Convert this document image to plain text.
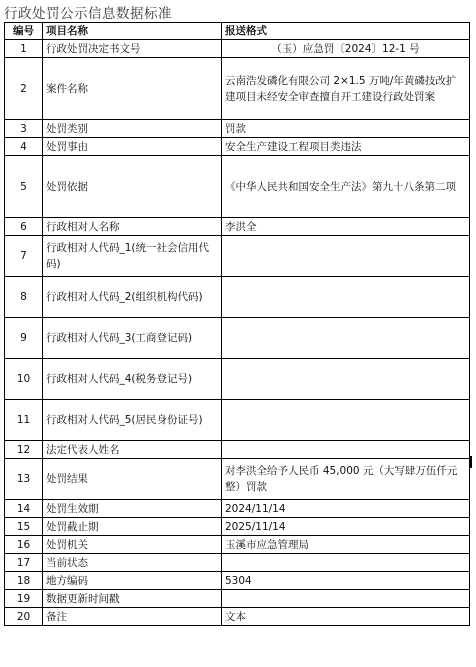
行政处罚公示信息数据标准
编号	项目名称	报送格式
1	行政处罚决定书文号	（玉）应急罚〔2024〕12-1 号
2	案件名称	云南浩发磷化有限公司 2×1.5 万吨/年黄磷技改扩建项目未经安全审查擅自开工建设行政处罚案
3	处罚类别	罚款
4	处罚事由	安全生产建设工程项目类违法
5	处罚依据	《中华人民共和国安全生产法》第九十八条第二项
6	行政相对人名称	李洪全
7	行政相对人代码_1(统一社会信用代码)	
8	行政相对人代码_2(组织机构代码)	
9	行政相对人代码_3(工商登记码)	
10	行政相对人代码_4(税务登记号)	
11	行政相对人代码_5(居民身份证号)	
12	法定代表人姓名	
13	处罚结果	对李洪全给予人民币 45,000 元（大写肆万伍仟元整）罚款
14	处罚生效期	2024/11/14
15	处罚截止期	2025/11/14
16	处罚机关	玉溪市应急管理局
17	当前状态	
18	地方编码	5304
19	数据更新时间戳	
20	备注	文本
